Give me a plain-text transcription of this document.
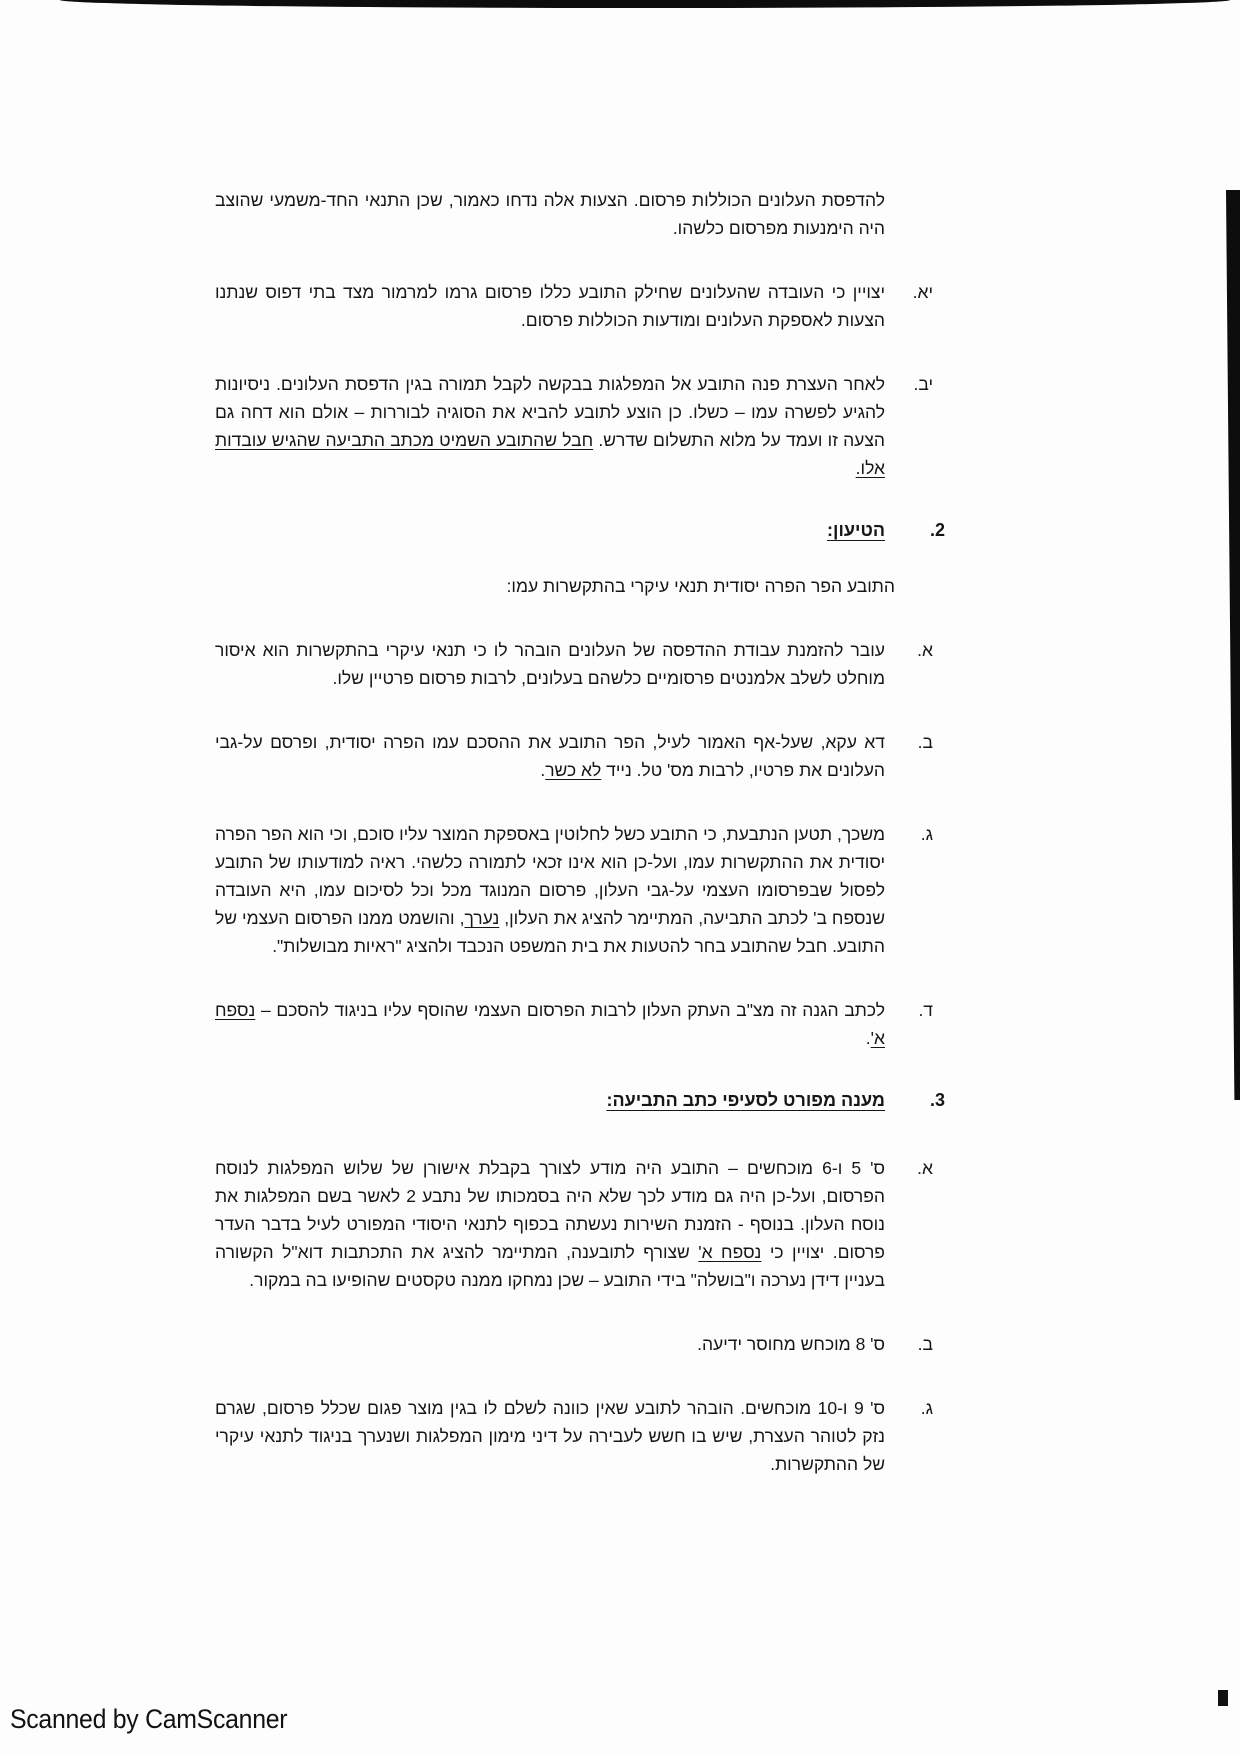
להדפסת העלונים הכוללות פרסום. הצעות אלה נדחו כאמור, שכן התנאי החד-משמעי שהוצב היה הימנעות מפרסום כלשהו.

יא.

יצויין כי העובדה שהעלונים שחילק התובע כללו פרסום גרמו למרמור מצד בתי דפוס שנתנו הצעות לאספקת העלונים ומודעות הכוללות פרסום.

יב.

לאחר העצרת פנה התובע אל המפלגות בבקשה לקבל תמורה בגין הדפסת העלונים. ניסיונות להגיע לפשרה עמו – כשלו. כן הוצע לתובע להביא את הסוגיה לבוררות – אולם הוא דחה גם הצעה זו ועמד על מלוא התשלום שדרש. חבל שהתובע השמיט מכתב התביעה שהגיש עובדות אלו.

2.
הטיעון:
התובע הפר הפרה יסודית תנאי עיקרי בהתקשרות עמו:
א.

עובר להזמנת עבודת ההדפסה של העלונים הובהר לו כי תנאי עיקרי בהתקשרות הוא איסור מוחלט לשלב אלמנטים פרסומיים כלשהם בעלונים, לרבות פרסום פרטיין שלו.

ב.

דא עקא, שעל-אף האמור לעיל, הפר התובע את ההסכם עמו הפרה יסודית, ופרסם על-גבי העלונים את פרטיו, לרבות מס' טל. נייד לא כשר.

ג.

משכך, תטען הנתבעת, כי התובע כשל לחלוטין באספקת המוצר עליו סוכם, וכי הוא הפר הפרה יסודית את ההתקשרות עמו, ועל-כן הוא אינו זכאי לתמורה כלשהי. ראיה למודעותו של התובע לפסול שבפרסומו העצמי על-גבי העלון, פרסום המנוגד מכל וכל לסיכום עמו, היא העובדה שנספח ב' לכתב התביעה, המתיימר להציג את העלון, נערך, והושמט ממנו הפרסום העצמי של התובע. חבל שהתובע בחר להטעות את בית המשפט הנכבד ולהציג "ראיות מבושלות".

ד.

לכתב הגנה זה מצ"ב העתק העלון לרבות הפרסום העצמי שהוסף עליו בניגוד להסכם – נספח א'.

3.
מענה מפורט לסעיפי כתב התביעה:
א.

ס' 5 ו-6 מוכחשים – התובע היה מודע לצורך בקבלת אישורן של שלוש המפלגות לנוסח הפרסום, ועל-כן היה גם מודע לכך שלא היה בסמכותו של נתבע 2 לאשר בשם המפלגות את נוסח העלון. בנוסף - הזמנת השירות נעשתה בכפוף לתנאי היסודי המפורט לעיל בדבר העדר פרסום. יצויין כי נספח א' שצורף לתובענה, המתיימר להציג את התכתבות דוא"ל הקשורה בעניין דידן נערכה ו"בושלה" בידי התובע – שכן נמחקו ממנה טקסטים שהופיעו בה במקור.

ב.

ס' 8 מוכחש מחוסר ידיעה.

ג.

ס' 9 ו-10 מוכחשים. הובהר לתובע שאין כוונה לשלם לו בגין מוצר פגום שכלל פרסום, שגרם נזק לטוהר העצרת, שיש בו חשש לעבירה על דיני מימון המפלגות ושנערך בניגוד לתנאי עיקרי של ההתקשרות.

Scanned by CamScanner
